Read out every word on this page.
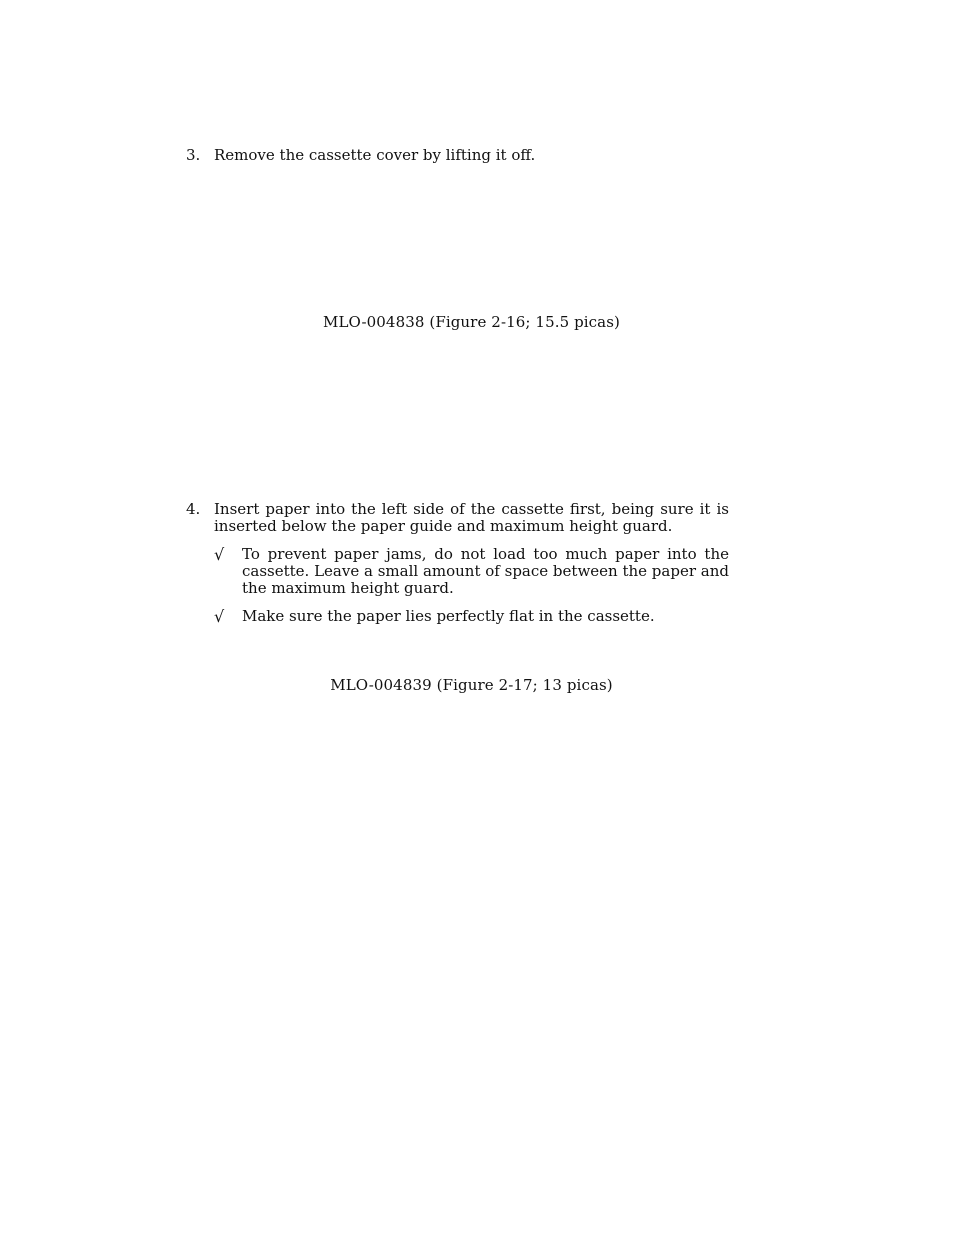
3. Remove the cassette cover by lifting it off.
MLO-004838 (Figure 2-16; 15.5 picas)
4. Insert paper into the left side of the cassette first, being sure it is inserted below the paper guide and maximum height guard.
√	To prevent paper jams, do not load too much paper into the cassette. Leave a small amount of space between the paper and the maximum height guard.
√	Make sure the paper lies perfectly flat in the cassette.
MLO-004839 (Figure 2-17; 13 picas)
